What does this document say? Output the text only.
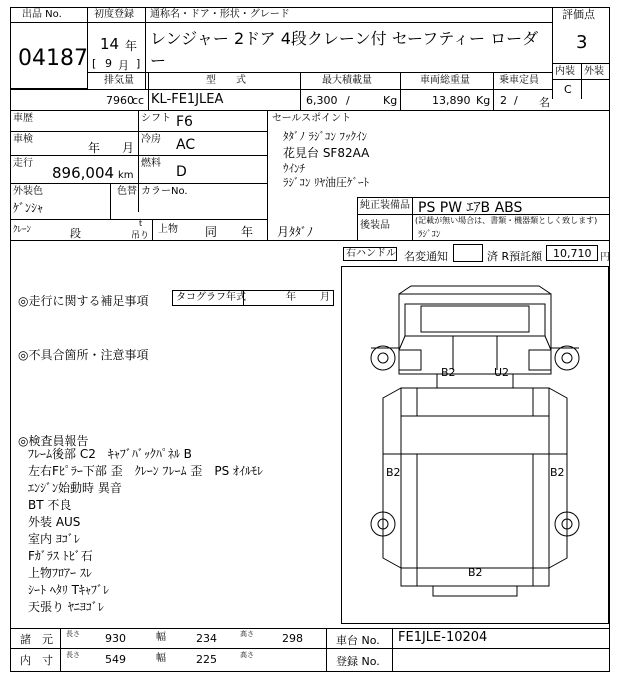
出品 No.
04187
初度登録
14 年
[ 9 月 ]
通称名・ドア・形状・グレード
レンジャー 2ドア 4段クレーン付 セーフティー ローダ
ー
評価点
3
内装 外装
C
排気量
7960
cc
型　　式
KL-FE1JLEA
最大積載量
6,300 /	Kg
車両総重量
13,890 Kg
乗車定員
2 / 名
車歴	シフト F6
車検
年 月
冷房 AC
走行
896,004 km
燃料
D
外装色
ｹﾞﾝｼｬ
色替 カラーNo.
ｸﾚｰﾝ	段
t
吊り
上物 同　　年　　月ﾀﾀﾞﾉ
セールスポイント
ﾀﾀﾞﾉ ﾗｼﾞｺﾝ ﾌｯｸｲﾝ
花見台 SF82AA
ｳｲﾝﾁ
ﾗｼﾞｺﾝ ﾘﾔ油圧ｹﾞｰﾄ
純正装備品 PS PW ｴｱB ABS
後装品	(記載が無い場合は、書類・機器類としく致します)
ﾗｼﾞｺﾝ
右ハンドル 名変通知	済 R預託額 10,710 円
◎走行に関する補足事項	タコグラフ年式	年 月
◎不具合箇所・注意事項
◎検査員報告
ﾌﾚｰﾑ後部 C2　ｷｬﾌﾞﾊﾞｯｸﾊﾟﾈﾙ B
左右Fﾋﾟﾗｰ下部 歪　ｸﾚｰﾝ ﾌﾚｰﾑ 歪　PS ｵｲﾙﾓﾚ
ｴﾝｼﾞﾝ始動時 異音
BT 不良
外装 AUS
室内 ﾖｺﾞﾚ
Fｶﾞﾗｽ ﾄﾋﾞ石
上物ﾌﾛｱｰ ｽﾚ
ｼｰﾄ ﾍﾀﾘ Tｷｬﾌﾞﾚ
天張り ﾔﾆﾖｺﾞﾚ
B2	U2
B2	B2
B2
諸　元
内　寸
長さ 930	幅	234	高さ	298
長さ 549	幅	225	高さ
車台 No. FE1JLE-10204
登録 No.
